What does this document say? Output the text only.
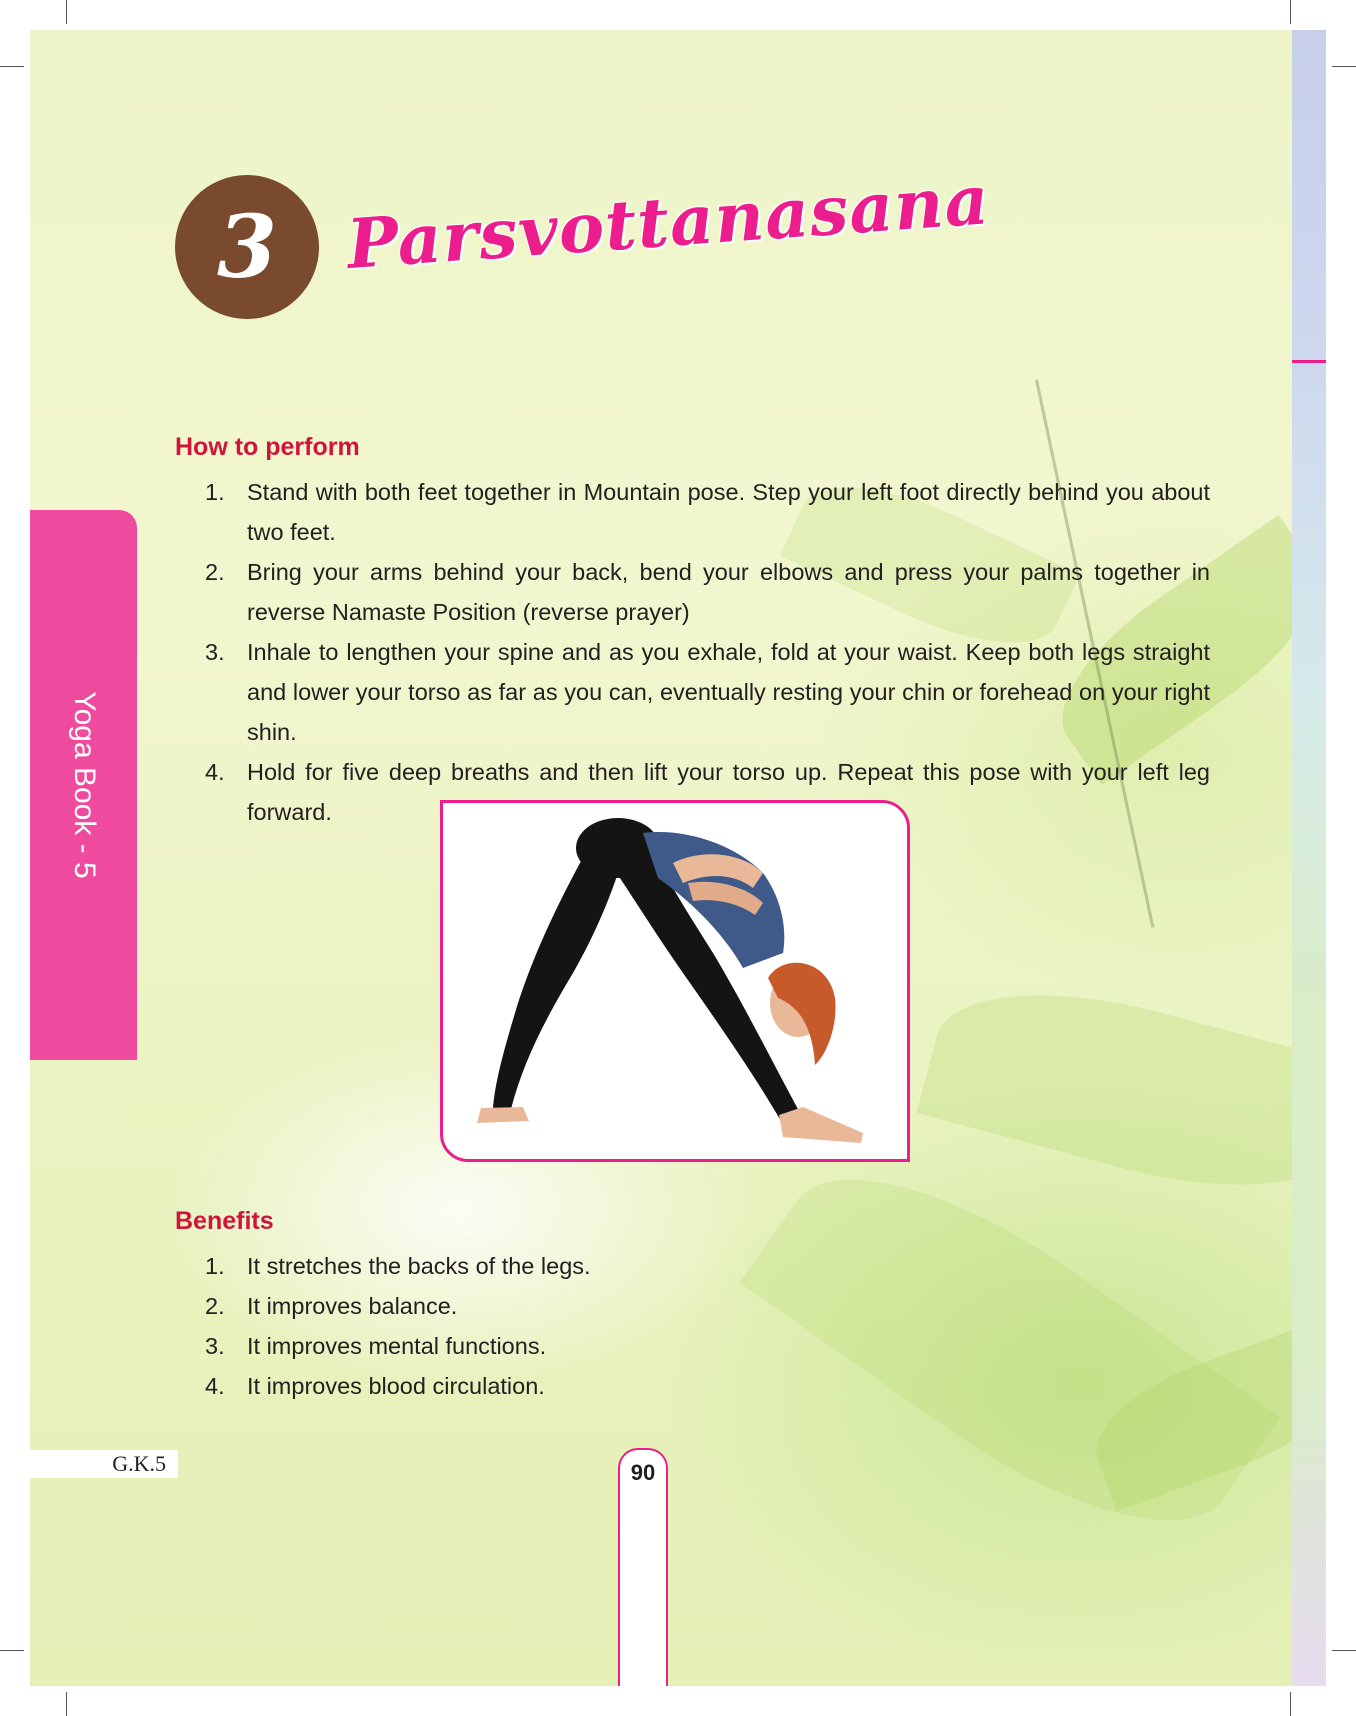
3 Parsvottanasana
Yoga Book - 5
How to perform
1. Stand with both feet together in Mountain pose. Step your left foot directly behind you about two feet.
2. Bring your arms behind your back, bend your elbows and press your palms together in reverse Namaste Position (reverse prayer)
3. Inhale to lengthen your spine and as you exhale, fold at your waist. Keep both legs straight and lower your torso as far as you can, eventually resting your chin or forehead on your right shin.
4. Hold for five deep breaths and then lift your torso up. Repeat this pose with your left leg forward.
Benefits
1. It stretches the backs of the legs.
2. It improves balance.
3. It improves mental functions.
4. It improves blood circulation.
G.K.5	90
